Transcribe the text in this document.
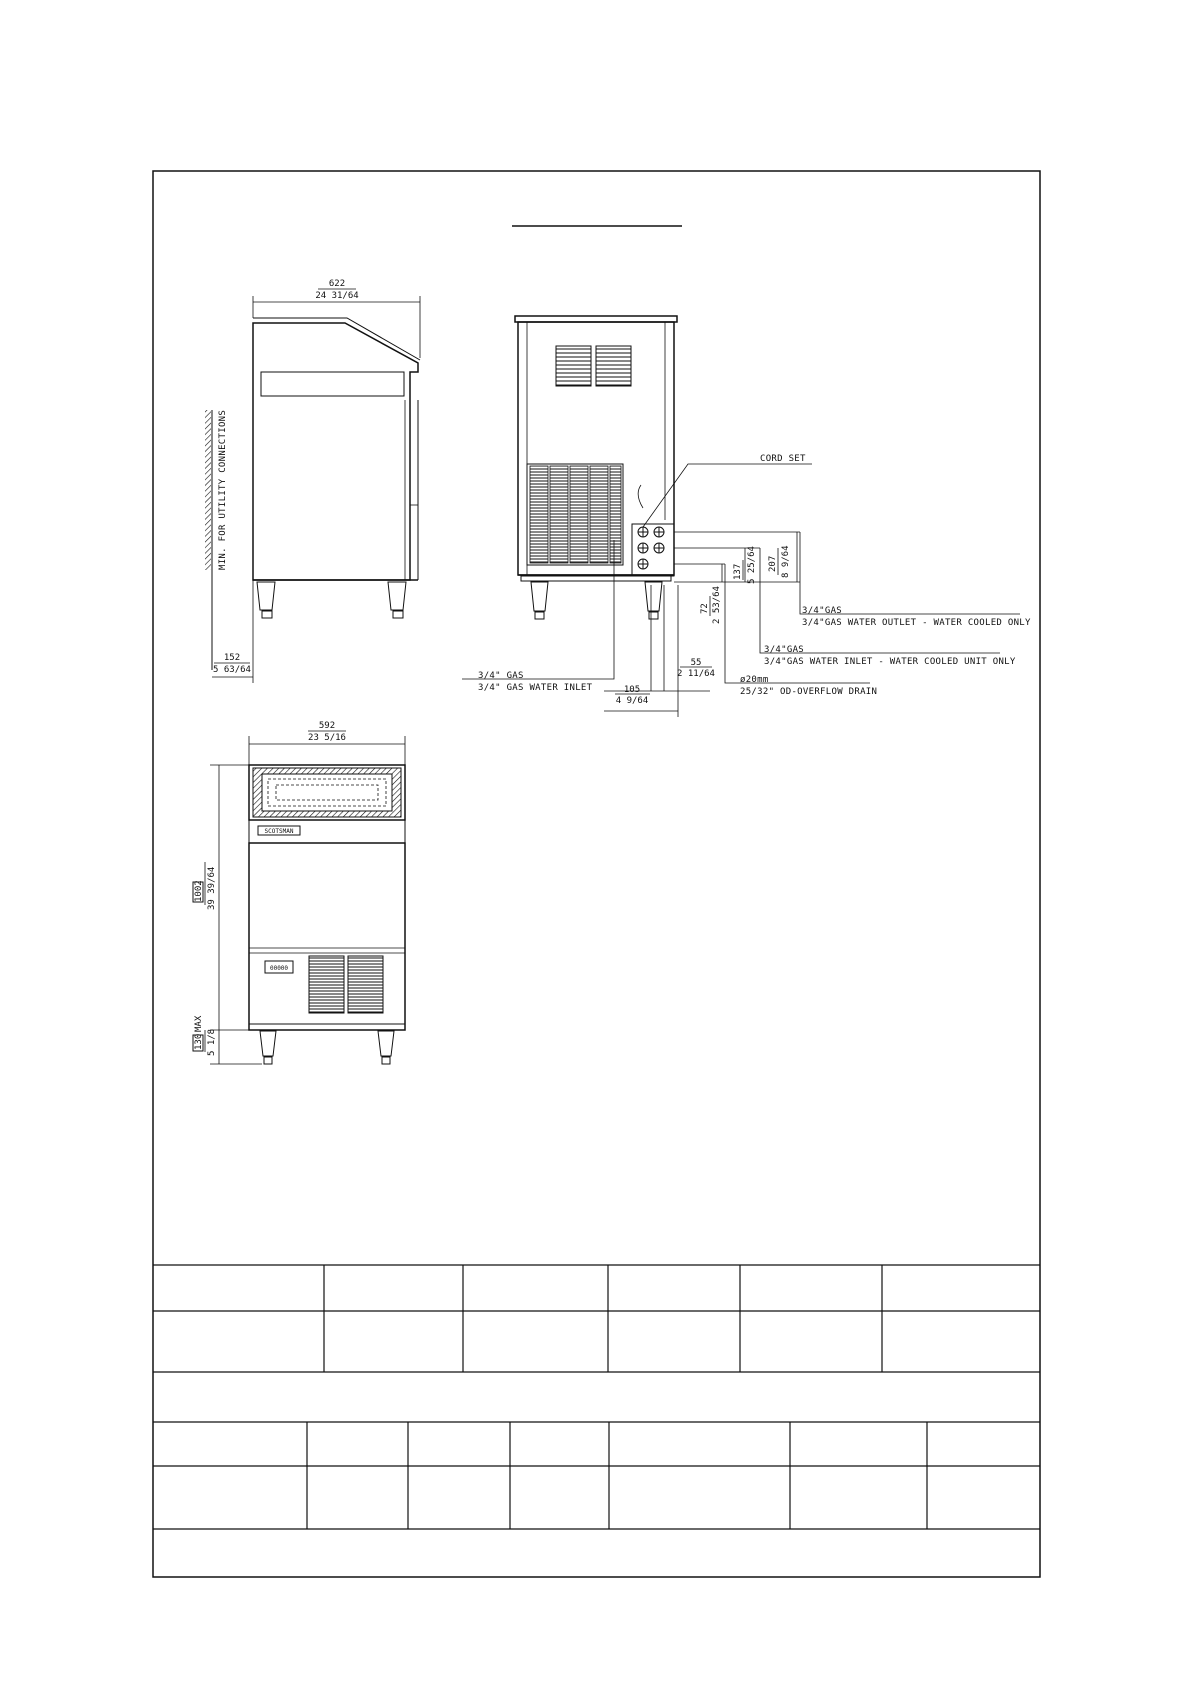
MIN. FOR UTILITY CONNECTIONS
622
24 31/64
152
5 63/64
CORD SET
207 8 9/64
137 5 25/64
72 2 53/64	3/4"GAS
3/4"GAS WATER OUTLET - WATER COOLED ONLY
3/4"GAS
3/4"GAS WATER INLET - WATER COOLED UNIT ONLY
ø20mm
25/32" OD-OVERFLOW DRAIN
3/4" GAS
3/4" GAS WATER INLET
55
2 11/64
105
4 9/64
592
23 5/16
SCOTSMAN
00000
1002 39 39/64
130
MAX
5 1/8
